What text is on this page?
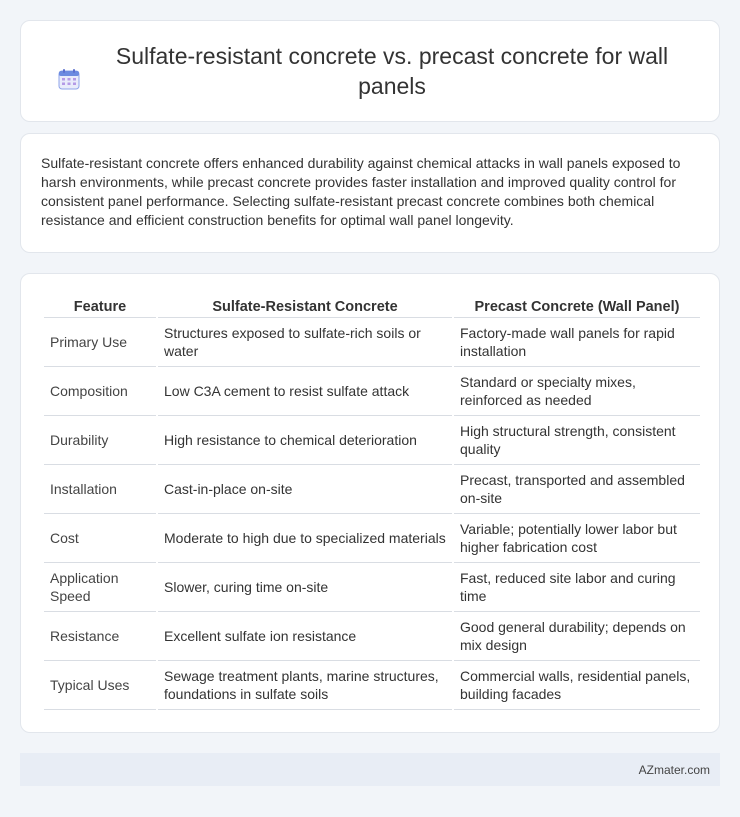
Sulfate-resistant concrete vs. precast concrete for wall panels

Sulfate-resistant concrete offers enhanced durability against chemical attacks in wall panels exposed to harsh environments, while precast concrete provides faster installation and improved quality control for consistent panel performance. Selecting sulfate-resistant precast concrete combines both chemical resistance and efficient construction benefits for optimal wall panel longevity.

Feature	Sulfate-Resistant Concrete	Precast Concrete (Wall Panel)
Primary Use	Structures exposed to sulfate-rich soils or water	Factory-made wall panels for rapid installation
Composition	Low C3A cement to resist sulfate attack	Standard or specialty mixes, reinforced as needed
Durability	High resistance to chemical deterioration	High structural strength, consistent quality
Installation	Cast-in-place on-site	Precast, transported and assembled on-site
Cost	Moderate to high due to specialized materials	Variable; potentially lower labor but higher fabrication cost
Application Speed	Slower, curing time on-site	Fast, reduced site labor and curing time
Resistance	Excellent sulfate ion resistance	Good general durability; depends on mix design
Typical Uses	Sewage treatment plants, marine structures, foundations in sulfate soils	Commercial walls, residential panels, building facades
AZmater.com
